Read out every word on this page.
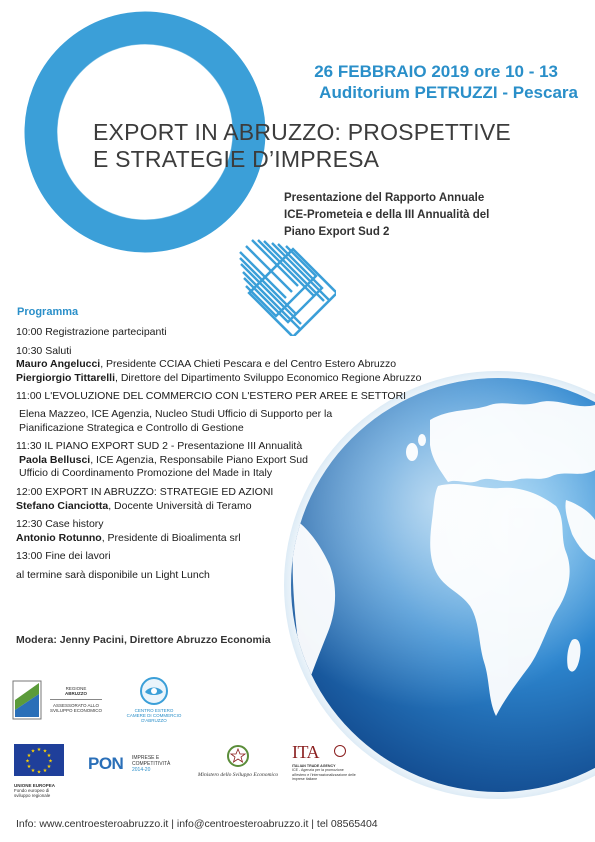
26 FEBBRAIO 2019 ore 10 - 13
Auditorium PETRUZZI - Pescara
EXPORT IN ABRUZZO: PROSPETTIVE
E STRATEGIE D’IMPRESA
Presentazione del Rapporto Annuale
ICE-Prometeia e della III Annualità del
Piano Export Sud 2
Programma
10:00 Registrazione partecipanti
10:30 Saluti
Mauro Angelucci, Presidente CCIAA Chieti Pescara e del Centro Estero Abruzzo
Piergiorgio Tittarelli, Direttore del Dipartimento Sviluppo Economico Regione Abruzzo
11:00 L'EVOLUZIONE DEL COMMERCIO CON L'ESTERO PER AREE E SETTORI
Elena Mazzeo, ICE Agenzia, Nucleo Studi Ufficio di Supporto per la
Pianificazione Strategica e Controllo di Gestione
11:30 IL PIANO EXPORT SUD 2 - Presentazione III Annualità
Paola Bellusci, ICE Agenzia, Responsabile Piano Export Sud
Ufficio di Coordinamento Promozione del Made in Italy
12:00 EXPORT IN ABRUZZO: STRATEGIE ED AZIONI
Stefano Cianciotta, Docente Università di Teramo
12:30 Case history
Antonio Rotunno, Presidente di Bioalimenta srl
13:00 Fine dei lavori
al termine sarà disponibile un Light Lunch
Modera: Jenny Pacini, Direttore Abruzzo Economia
REGIONE
ABRUZZO
ASSESSORATO ALLO
SVILUPPO ECONOMICO	CENTRO ESTERO
CAMERE DI COMMERCIO D'ABRUZZO
★ ★
★
★
★
★
★
★
★
★
★
★
UNIONE EUROPEA
Fondo europeo di sviluppo regionale
PON IMPRESE E
COMPETITIVITÀ
2014-20
Ministero dello Sviluppo Economico
ITA
ITALIAN TRADE AGENCY
ICE - Agenzia per la promozione all'estero e l'internazionalizzazione delle imprese italiane
Info: www.centroesteroabruzzo.it | info@centroesteroabruzzo.it | tel 08565404
